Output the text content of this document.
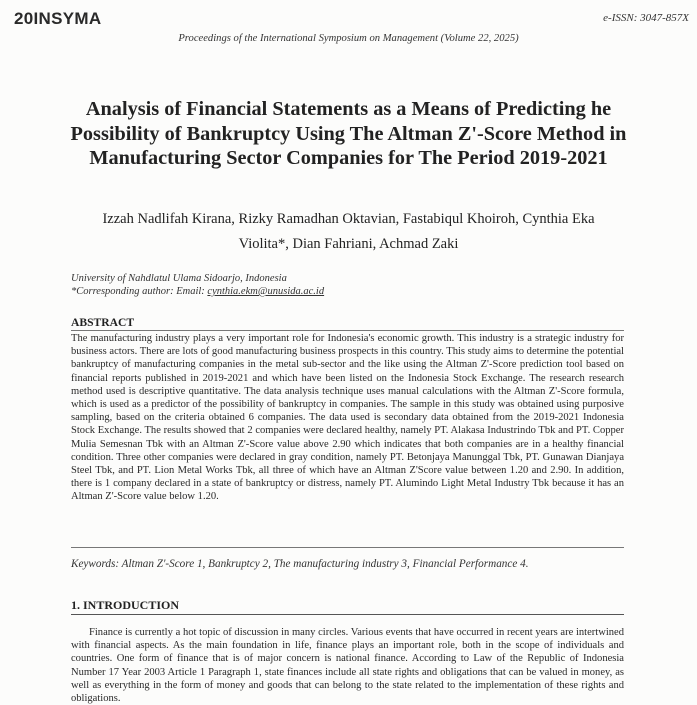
20INSYMA	e-ISSN: 3047-857X
Proceedings of the International Symposium on Management (Volume 22, 2025)
Analysis of Financial Statements as a Means of Predicting he Possibility of Bankruptcy Using The Altman Z'-Score Method in Manufacturing Sector Companies for The Period 2019-2021
Izzah Nadlifah Kirana, Rizky Ramadhan Oktavian, Fastabiqul Khoiroh, Cynthia Eka
Violita*, Dian Fahriani, Achmad Zaki
University of Nahdlatul Ulama Sidoarjo, Indonesia
*Corresponding author: Email: cynthia.ekm@unusida.ac.id
ABSTRACT
The manufacturing industry plays a very important role for Indonesia's economic growth. This industry is a strategic industry for business actors. There are lots of good manufacturing business prospects in this country. This study aims to determine the potential bankruptcy of manufacturing companies in the metal sub-sector and the like using the Altman Z'-Score prediction tool based on financial reports published in 2019-2021 and which have been listed on the Indonesia Stock Exchange. The research research method used is descriptive quantitative. The data analysis technique uses manual calculations with the Altman Z'-Score formula, which is used as a predictor of the possibility of bankruptcy in companies. The sample in this study was obtained using purposive sampling, based on the criteria obtained 6 companies. The data used is secondary data obtained from the 2019-2021 Indonesia Stock Exchange. The results showed that 2 companies were declared healthy, namely PT. Alakasa Industrindo Tbk and PT. Copper Mulia Semesnan Tbk with an Altman Z'-Score value above 2.90 which indicates that both companies are in a healthy financial condition. Three other companies were declared in gray condition, namely PT. Betonjaya Manunggal Tbk, PT. Gunawan Dianjaya Steel Tbk, and PT. Lion Metal Works Tbk, all three of which have an Altman Z'Score value between 1.20 and 2.90. In addition, there is 1 company declared in a state of bankruptcy or distress, namely PT. Alumindo Light Metal Industry Tbk because it has an Altman Z'-Score value below 1.20.
Keywords: Altman Z'-Score 1, Bankruptcy 2, The manufacturing industry 3, Financial Performance 4.
1. INTRODUCTION
Finance is currently a hot topic of discussion in many circles. Various events that have occurred in recent years are intertwined with financial aspects. As the main foundation in life, finance plays an important role, both in the scope of individuals and countries. One form of finance that is of major concern is national finance. According to Law of the Republic of Indonesia Number 17 Year 2003 Article 1 Paragraph 1, state finances include all state rights and obligations that can be valued in money, as well as everything in the form of money and goods that can belong to the state related to the implementation of these rights and obligations.
